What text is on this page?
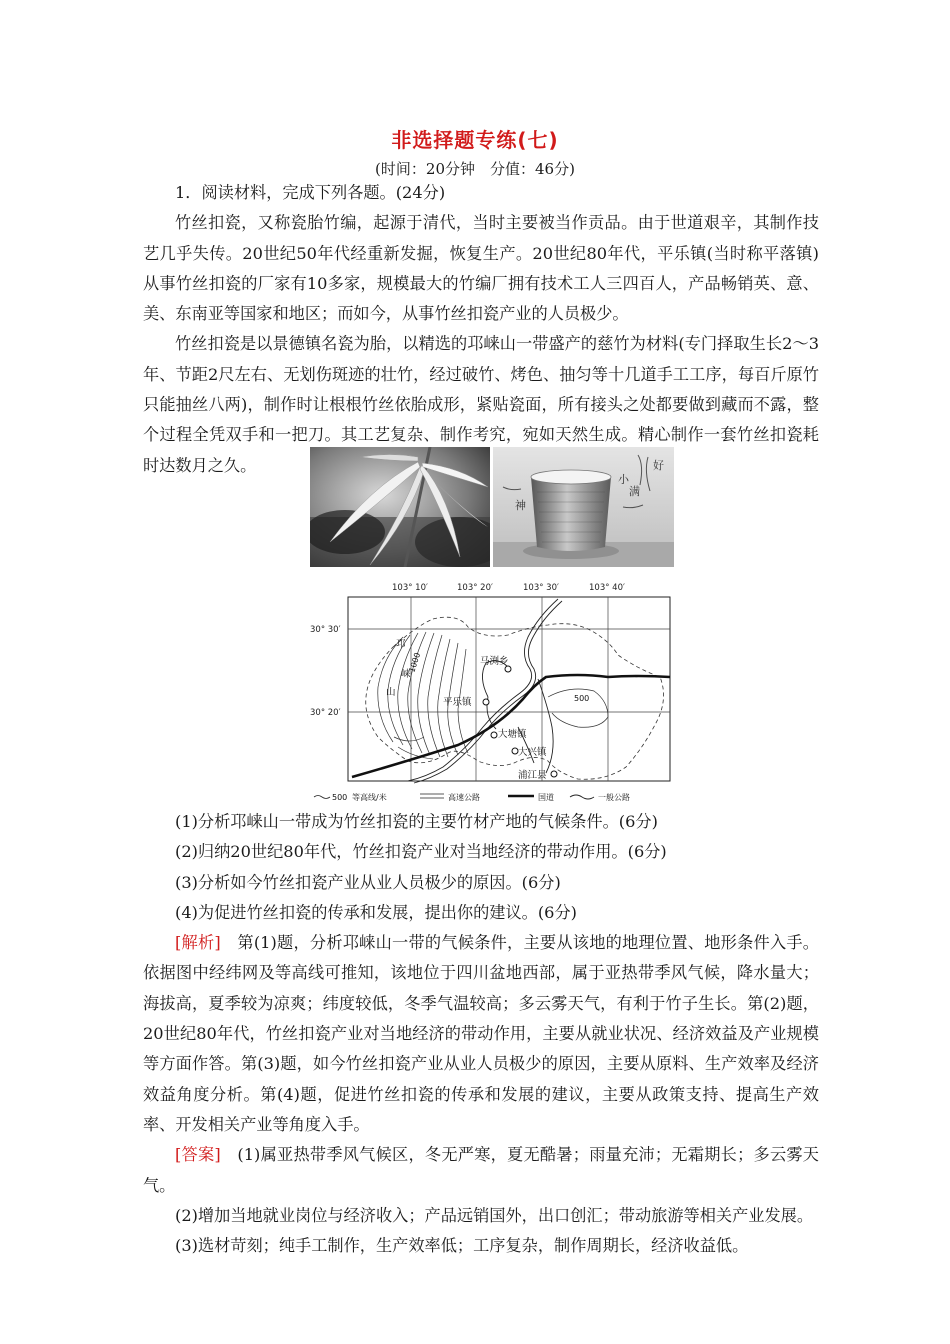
非选择题专练(七)
(时间：20分钟　分值：46分)

1．阅读材料，完成下列各题。(24分)

竹丝扣瓷，又称瓷胎竹编，起源于清代，当时主要被当作贡品。由于世道艰辛，其制作技艺几乎失传。20世纪50年代经重新发掘，恢复生产。20世纪80年代，平乐镇(当时称平落镇)从事竹丝扣瓷的厂家有10多家，规模最大的竹编厂拥有技术工人三四百人，产品畅销英、意、美、东南亚等国家和地区；而如今，从事竹丝扣瓷产业的人员极少。

竹丝扣瓷是以景德镇名瓷为胎，以精选的邛崃山一带盛产的慈竹为材料(专门择取生长2～3年、节距2尺左右、无划伤斑迹的壮竹，经过破竹、烤色、抽匀等十几道手工工序，每百斤原竹只能抽丝八两)，制作时让根根竹丝依胎成形，紧贴瓷面，所有接头之处都要做到藏而不露，整个过程全凭双手和一把刀。其工艺复杂、制作考究，宛如天然生成。精心制作一套竹丝扣瓷耗时达数月之久。

神
小
满
好
103° 10′	103° 20′	103° 30′	103° 40′
30° 30′
30° 20′
邛
崃
山
1000
500
马渕乡
平乐镇
大塘镇
大兴镇
浦江县
500 等高线/米	高速公路	国道	一般公路

(1)分析邛崃山一带成为竹丝扣瓷的主要竹材产地的气候条件。(6分)

(2)归纳20世纪80年代，竹丝扣瓷产业对当地经济的带动作用。(6分)

(3)分析如今竹丝扣瓷产业从业人员极少的原因。(6分)

(4)为促进竹丝扣瓷的传承和发展，提出你的建议。(6分)

[解析]　第(1)题，分析邛崃山一带的气候条件，主要从该地的地理位置、地形条件入手。依据图中经纬网及等高线可推知，该地位于四川盆地西部，属于亚热带季风气候，降水量大；海拔高，夏季较为凉爽；纬度较低，冬季气温较高；多云雾天气，有利于竹子生长。第(2)题，20世纪80年代，竹丝扣瓷产业对当地经济的带动作用，主要从就业状况、经济效益及产业规模等方面作答。第(3)题，如今竹丝扣瓷产业从业人员极少的原因，主要从原料、生产效率及经济效益角度分析。第(4)题，促进竹丝扣瓷的传承和发展的建议，主要从政策支持、提高生产效率、开发相关产业等角度入手。

[答案]　(1)属亚热带季风气候区，冬无严寒，夏无酷暑；雨量充沛；无霜期长；多云雾天气。

(2)增加当地就业岗位与经济收入；产品远销国外，出口创汇；带动旅游等相关产业发展。

(3)选材苛刻；纯手工制作，生产效率低；工序复杂，制作周期长，经济收益低。
